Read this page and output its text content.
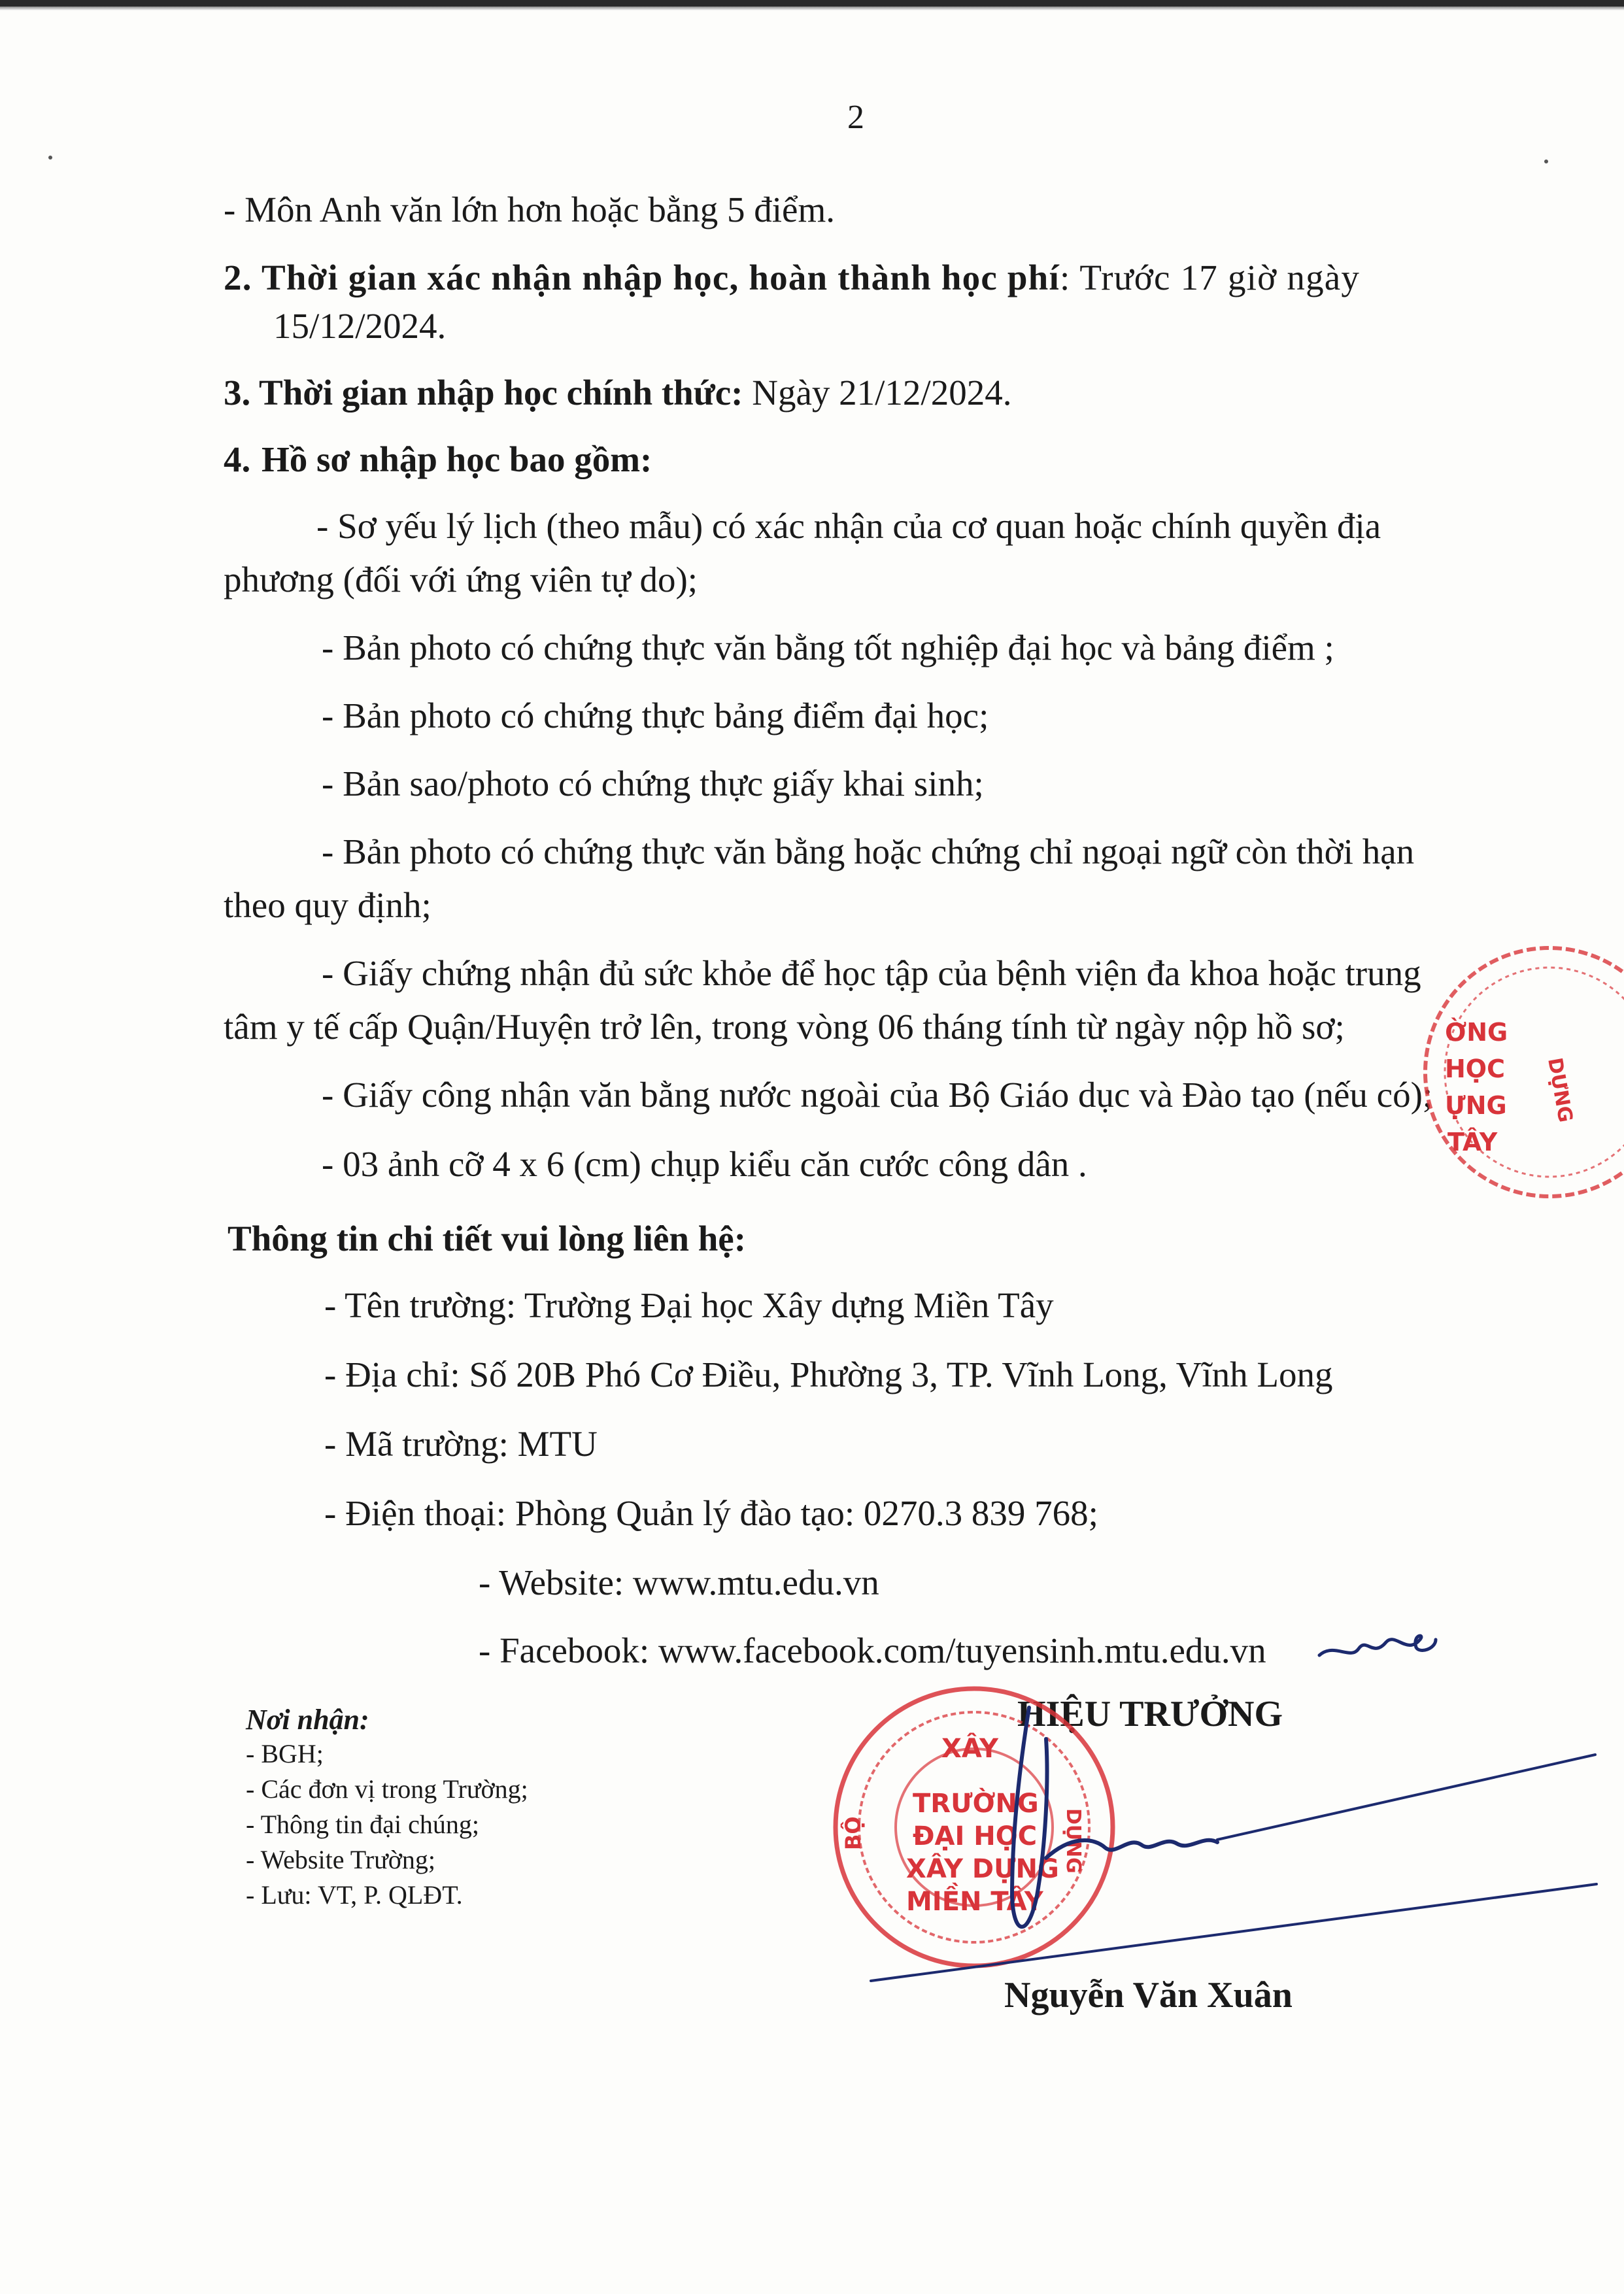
2
- Môn Anh văn lớn hơn hoặc bằng 5 điểm.
2. Thời gian xác nhận nhập học, hoàn thành học phí: Trước 17 giờ ngày
15/12/2024.
3. Thời gian nhập học chính thức: Ngày 21/12/2024.
4. Hồ sơ nhập học bao gồm:
- Sơ yếu lý lịch (theo mẫu) có xác nhận của cơ quan hoặc chính quyền địa
phương (đối với ứng viên tự do);
- Bản photo có chứng thực văn bằng tốt nghiệp đại học và bảng điểm ;
- Bản photo có chứng thực bảng điểm đại học;
- Bản sao/photo có chứng thực giấy khai sinh;
- Bản photo có chứng thực văn bằng hoặc chứng chỉ ngoại ngữ còn thời hạn
theo quy định;
- Giấy chứng nhận đủ sức khỏe để học tập của bệnh viện đa khoa hoặc trung
tâm y tế cấp Quận/Huyện trở lên, trong vòng 06 tháng tính từ ngày nộp hồ sơ;
- Giấy công nhận văn bằng nước ngoài của Bộ Giáo dục và Đào tạo (nếu có);
- 03 ảnh cỡ 4 x 6 (cm) chụp kiểu căn cước công dân .
Thông tin chi tiết vui lòng liên hệ:
- Tên trường: Trường Đại học Xây dựng Miền Tây
- Địa chỉ: Số 20B Phó Cơ Điều, Phường 3, TP. Vĩnh Long, Vĩnh Long
- Mã trường: MTU
- Điện thoại: Phòng Quản lý đào tạo: 0270.3 839 768;
- Website: www.mtu.edu.vn
- Facebook: www.facebook.com/tuyensinh.mtu.edu.vn
Nơi nhận:
- BGH;
- Các đơn vị trong Trường;
- Thông tin đại chúng;
- Website Trường;
- Lưu: VT, P. QLĐT.
HIỆU TRƯỞNG
Nguyễn Văn Xuân
ỜNG
HỌC
ỰNG
TÂY
DỰNG
XÂY
TRƯỜNG
ĐẠI HỌC
XÂY DỰNG
MIỀN TÂY
BỘ	DỰNG
